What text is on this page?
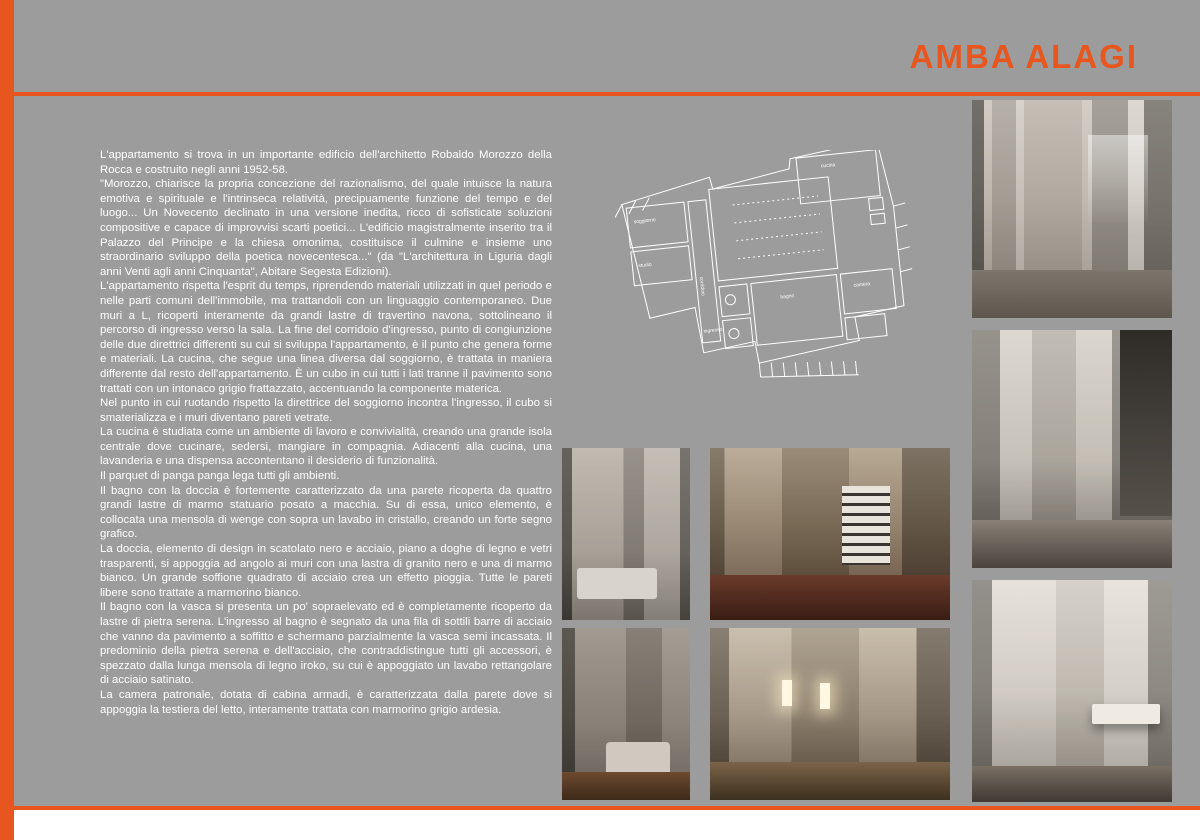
AMBA ALAGI

L'appartamento si trova in un importante edificio dell'architetto Robaldo Morozzo della Rocca e costruito negli anni 1952-58.

"Morozzo, chiarisce la propria concezione del razionalismo, del quale intuisce la natura emotiva e spirituale e l'intrinseca relatività, precipuamente funzione del tempo e del luogo... Un Novecento declinato in una versione inedita, ricco di sofisticate soluzioni compositive e capace di improvvisi scarti poetici... L'edificio magistralmente inserito tra il Palazzo del Principe e la chiesa omonima, costituisce il culmine e insieme uno straordinario sviluppo della poetica novecentesca..." (da "L'architettura in Liguria dagli anni Venti agli anni Cinquanta", Abitare Segesta Edizioni).

L'appartamento rispetta l'esprit du temps, riprendendo materiali utilizzati in quel periodo e nelle parti comuni dell'immobile, ma trattandoli con un linguaggio contemporaneo. Due muri a L, ricoperti interamente da grandi lastre di travertino navona, sottolineano il percorso di ingresso verso la sala. La fine del corridoio d'ingresso, punto di congiunzione delle due direttrici differenti su cui si sviluppa l'appartamento, è il punto che genera forme e materiali. La cucina, che segue una linea diversa dal soggiorno, è trattata in maniera differente dal resto dell'appartamento. È un cubo in cui tutti i lati tranne il pavimento sono trattati con un intonaco grigio frattazzato, accentuando la componente materica.

Nel punto in cui ruotando rispetto la direttrice del soggiorno incontra l'ingresso, il cubo si smaterializza e i muri diventano pareti vetrate.

La cucina è studiata come un ambiente di lavoro e convivialità, creando una grande isola centrale dove cucinare, sedersi, mangiare in compagnia. Adiacenti alla cucina, una lavanderia e una dispensa accontentano il desiderio di funzionalità.

Il parquet di panga panga lega tutti gli ambienti.

Il bagno con la doccia è fortemente caratterizzato da una parete ricoperta da quattro grandi lastre di marmo statuario posato a macchia. Su di essa, unico elemento, è collocata una mensola di wenge con sopra un lavabo in cristallo, creando un forte segno grafico.

La doccia, elemento di design in scatolato nero e acciaio, piano a doghe di legno e vetri trasparenti, si appoggia ad angolo ai muri con una lastra di granito nero e una di marmo bianco. Un grande soffione quadrato di acciaio crea un effetto pioggia. Tutte le pareti libere sono trattate a marmorino bianco.

Il bagno con la vasca si presenta un po' sopraelevato ed è completamente ricoperto da lastre di pietra serena. L'ingresso al bagno è segnato da una fila di sottili barre di acciaio che vanno da pavimento a soffitto e schermano parzialmente la vasca semi incassata. Il predominio della pietra serena e dell'acciaio, che contraddistingue tutti gli accessori, è spezzato dalla lunga mensola di legno iroko, su cui è appoggiato un lavabo rettangolare di acciaio satinato.

La camera patronale, dotata di cabina armadi, è caratterizzata dalla parete dove si appoggia la testiera del letto, interamente trattata con marmorino grigio ardesia.

soggiorno
cucina
camera
bagno
studio
corridoio
ingresso
